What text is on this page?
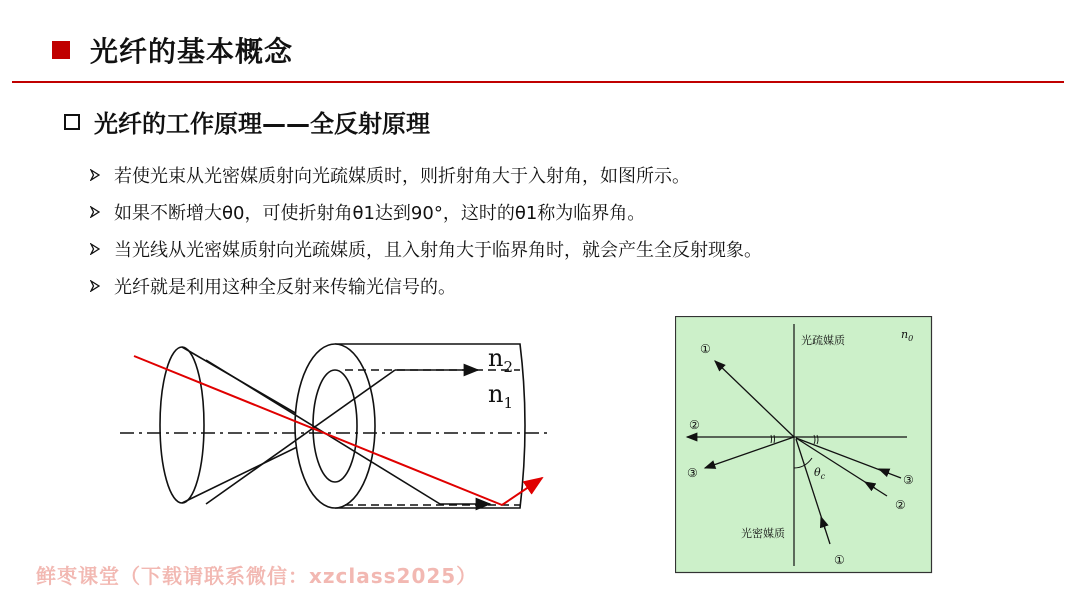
光纤的基本概念
光纤的工作原理——全反射原理
若使光束从光密媒质射向光疏媒质时，则折射角大于入射角，如图所示。
如果不断增大θ0，可使折射角θ1达到90°，这时的θ1称为临界角。
当光线从光密媒质射向光疏媒质，且入射角大于临界角时，就会产生全反射现象。
光纤就是利用这种全反射来传输光信号的。
$n_2$
$n_1$
光疏媒质
光密媒质
$n_0$
$\theta_c$
①
②
③	③
②
①
鲜枣课堂（下载请联系微信：xzclass2025）
